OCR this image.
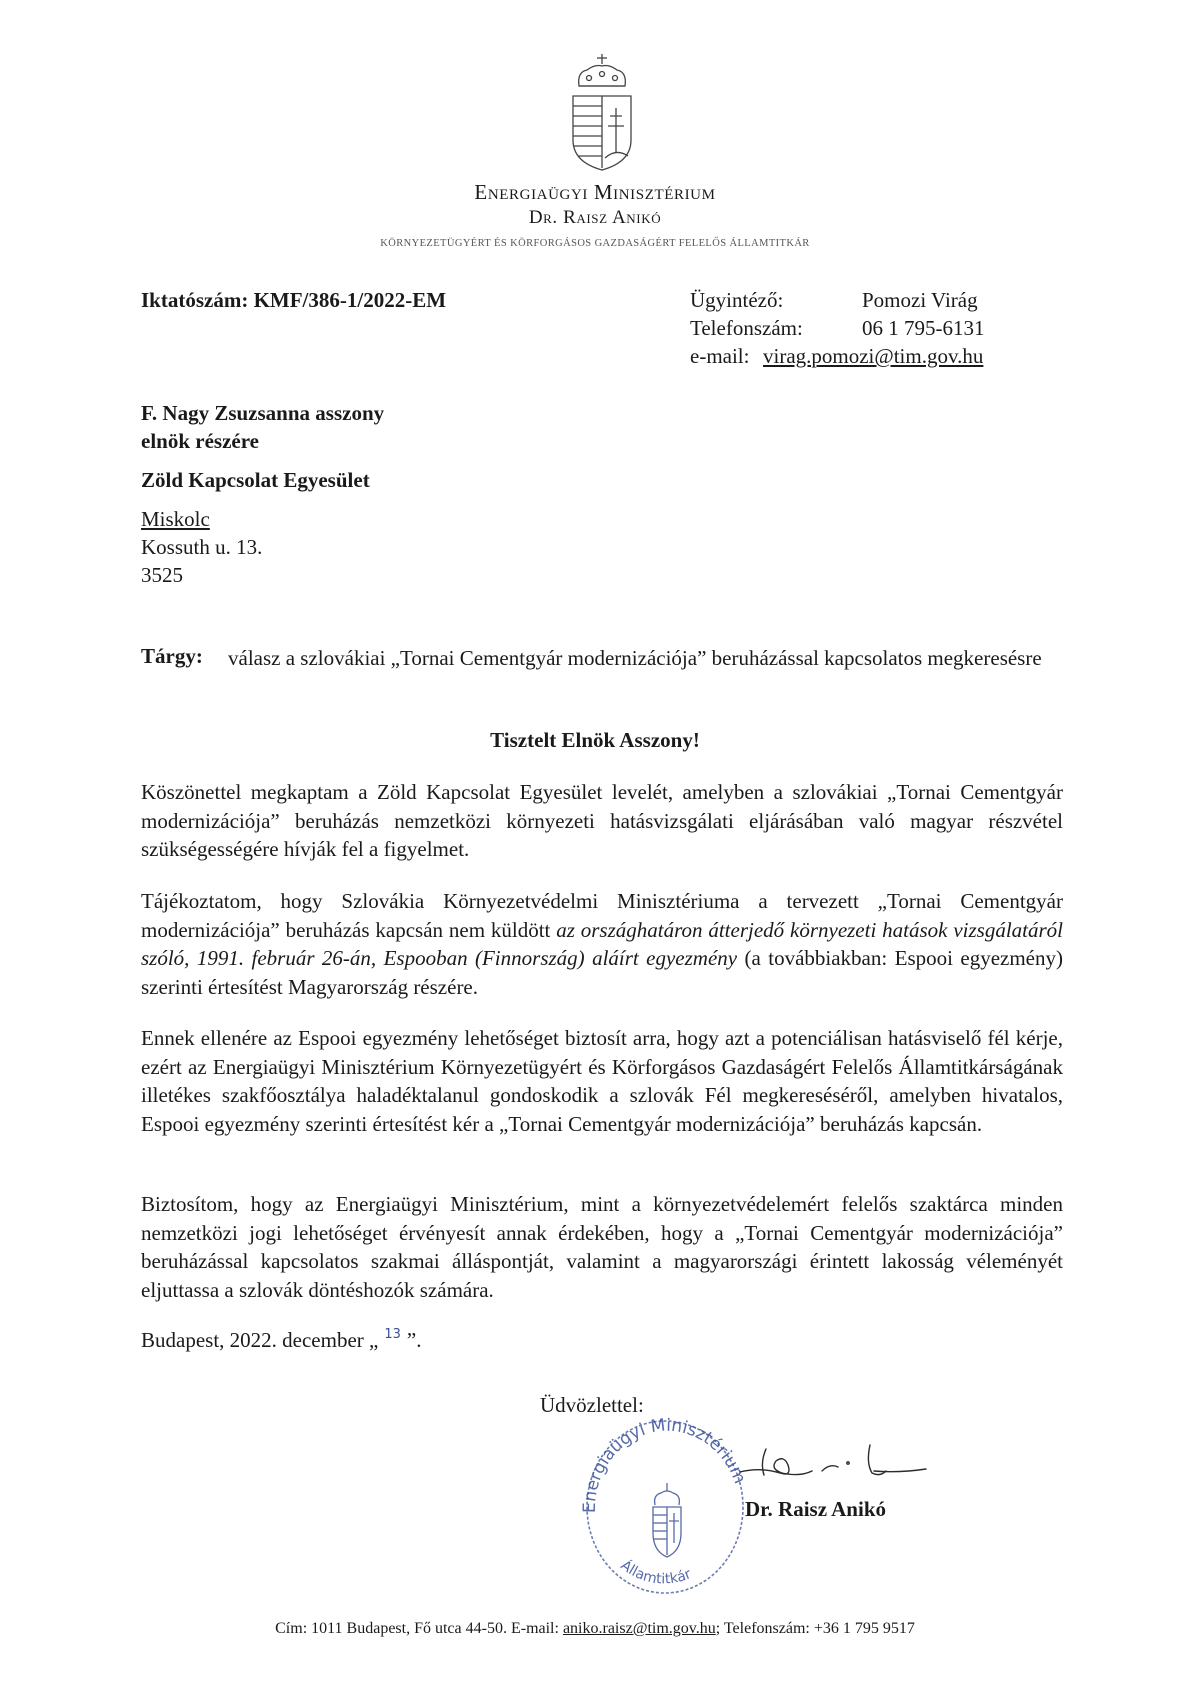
Energiaügyi Minisztérium
Dr. Raisz Anikó
KÖRNYEZETÜGYÉRT ÉS KÖRFORGÁSOS GAZDASÁGÉRT FELELŐS ÁLLAMTITKÁR
Iktatószám: KMF/386-1/2022-EM	Ügyintéző:	Pomozi Virág
Telefonszám:	06 1 795-6131
e-mail: virag.pomozi@tim.gov.hu
F. Nagy Zsuzsanna asszony
elnök részére
Zöld Kapcsolat Egyesület
Miskolc
Kossuth u. 13.
3525
Tárgy: válasz a szlovákiai „Tornai Cementgyár modernizációja” beruházással kapcsolatos megkeresésre
Tisztelt Elnök Asszony!
Köszönettel megkaptam a Zöld Kapcsolat Egyesület levelét, amelyben a szlovákiai „Tornai Cementgyár modernizációja” beruházás nemzetközi környezeti hatásvizsgálati eljárásában való magyar részvétel szükségességére hívják fel a figyelmet.
Tájékoztatom, hogy Szlovákia Környezetvédelmi Minisztériuma a tervezett „Tornai Cementgyár modernizációja” beruházás kapcsán nem küldött az országhatáron átterjedő környezeti hatások vizsgálatáról szóló, 1991. február 26-án, Espooban (Finnország) aláírt egyezmény (a továbbiakban: Espooi egyezmény) szerinti értesítést Magyarország részére.
Ennek ellenére az Espooi egyezmény lehetőséget biztosít arra, hogy azt a potenciálisan hatásviselő fél kérje, ezért az Energiaügyi Minisztérium Környezetügyért és Körforgásos Gazdaságért Felelős Államtitkárságának illetékes szakfőosztálya haladéktalanul gondoskodik a szlovák Fél megkereséséről, amelyben hivatalos, Espooi egyezmény szerinti értesítést kér a „Tornai Cementgyár modernizációja” beruházás kapcsán.
Biztosítom, hogy az Energiaügyi Minisztérium, mint a környezetvédelemért felelős szaktárca minden nemzetközi jogi lehetőséget érvényesít annak érdekében, hogy a „Tornai Cementgyár modernizációja” beruházással kapcsolatos szakmai álláspontját, valamint a magyarországi érintett lakosság véleményét eljuttassa a szlovák döntéshozók számára.
Budapest, 2022. december „ $^{13}$ ”.
Energiaügyi Minisztérium
Államtitkár
Üdvözlettel:
Dr. Raisz Anikó
Cím: 1011 Budapest, Fő utca 44-50. E-mail: aniko.raisz@tim.gov.hu; Telefonszám: +36 1 795 9517
